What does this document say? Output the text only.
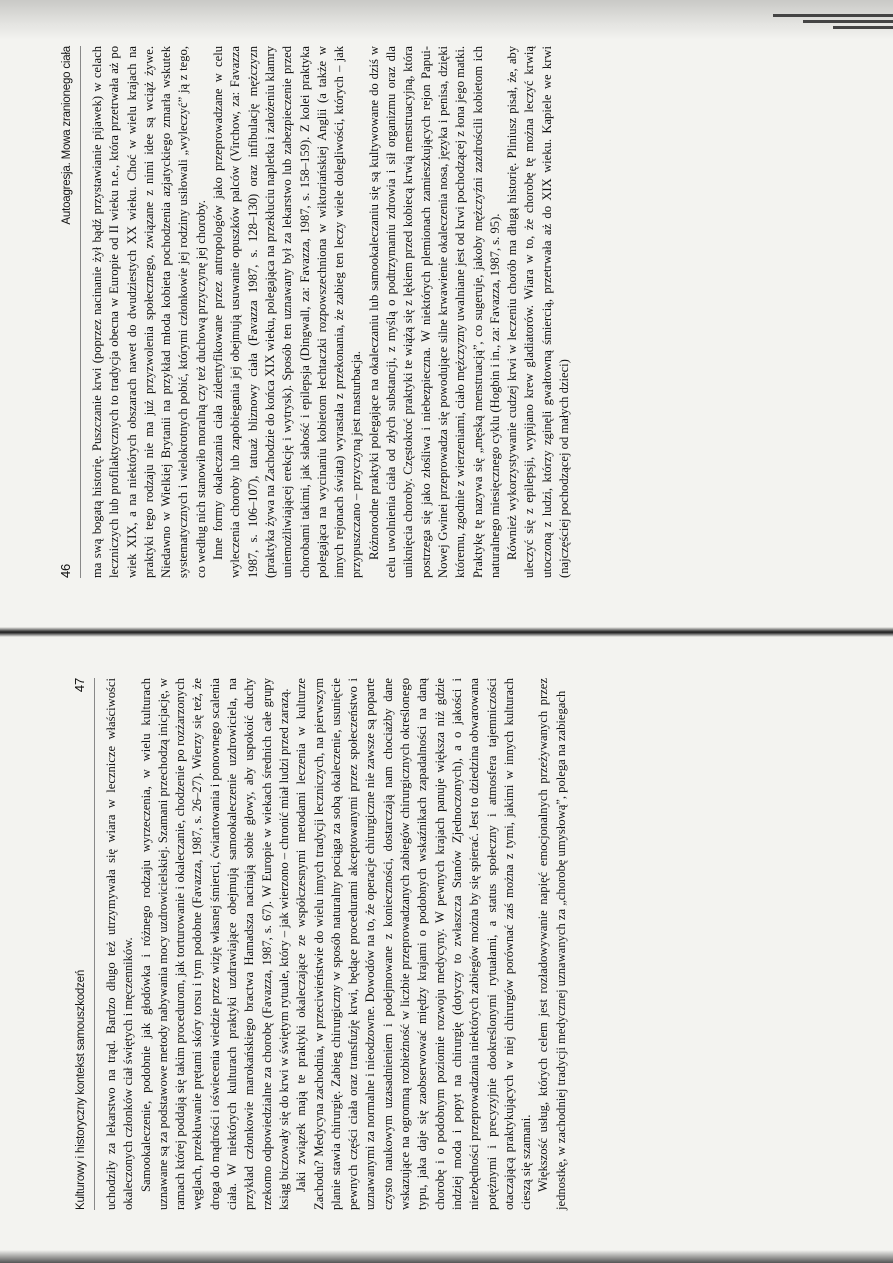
46
Autoagresja. Mowa zranionego ciała ma swą bogatą historię. Puszczanie krwi (poprzez nacinanie żył bądź przystawianie pijawek) w celach leczniczych lub profilaktycznych to tradycja obecna w Europie od II wieku n.e., która przetrwała aż po wiek XIX, a na niektórych obszarach nawet do dwudziestych XX wieku. Choć w wielu krajach na praktyki tego rodzaju nie ma już przyzwolenia społecznego, związane z nimi idee są wciąż żywe. Niedawno w Wielkiej Brytanii na przykład młoda kobieta pochodzenia azjatyckiego zmarła wskutek systematycznych i wielokrotnych pobić, którymi członkowie jej rodziny usiłowali „wyleczyć” ją z tego, co według nich stanowiło moralną czy też duchową przyczynę jej choroby. Inne formy okaleczania ciała zidentyfikowane przez antropologów jako przeprowadzane w celu wyleczenia choroby lub zapobiegania jej obejmują usuwanie opuszków palców (Virchow, za: Favazza 1987, s. 106–107), tatuaż bliznowy ciała (Favazza 1987, s. 128–130) oraz infibulację mężczyzn (praktyka żywa na Zachodzie do końca XIX wieku, polegająca na przekłuciu napletka i założeniu klamry uniemożliwiającej erekcję i wytrysk). Sposób ten uznawany był za lekarstwo lub zabezpieczenie przed chorobami takimi, jak słabość i epilepsja (Dingwall, za: Favazza, 1987, s. 158–159). Z kolei praktyka polegająca na wycinaniu kobietom łechtaczki rozpowszechniona w wiktoriańskiej Anglii (a także w innych rejonach świata) wyrastała z przekonania, że zabieg ten leczy wiele dolegliwości, których – jak przypuszczano – przyczyną jest masturbacja. Różnorodne praktyki polegające na okaleczaniu lub samookaleczaniu się są kultywowane do dziś w celu uwolnienia ciała od złych substancji, z myślą o podtrzymaniu zdrowia i sił organizmu oraz dla uniknięcia choroby. Częstokroć praktyki te wiążą się z lękiem przed kobiecą krwią menstruacyjną, która postrzega się jako złośliwa i niebezpieczna. W niektórych plemionach zamieszkujących rejon Papui-Nowej Gwinei przeprowadza się powodujące silne krwawienie okaleczenia nosa, języka i penisa, dzięki któremu, zgodnie z wierzeniami, ciało mężczyzny uwalniane jest od krwi pochodzącej z łona jego matki. Praktykę tę nazywa się „męską menstruacją”, co sugeruje, jakoby mężczyźni zazdrościli kobietom ich naturalnego miesięcznego cyklu (Hogbin i in., za: Favazza, 1987, s. 95). Również wykorzystywanie cudzej krwi w leczeniu chorób ma długą historię. Pliniusz pisał, że, aby uleczyć się z epilepsji, wypijano krew gladiatorów. Wiara w to, że chorobę tę można leczyć krwią utoczoną z ludzi, którzy zginęli gwałtowną śmiercią, przetrwała aż do XIX wieku. Kapiele we krwi (najczęściej pochodzącej od małych dzieci)

Kulturowy i historyczny kontekst samouszkodzeń
47 uchodziły za lekarstwo na trąd. Bardzo długo też utrzymywała się wiara w lecznicze właściwości okaleczonych członków ciał świętych i męczenników. Samookaleczenie, podobnie jak głodówka i różnego rodzaju wyrzeczenia, w wielu kulturach uznawane są za podstawowe metody nabywania mocy uzdrowicielskiej. Szamani przechodzą inicjację, w ramach której poddają się takim procedurom, jak torturowanie i okaleczanie, chodzenie po rozżarzonych węglach, przekłuwanie prętami skóry torsu i tym podobne (Favazza, 1987, s. 26–27). Wierzy się też, że droga do mądrości i oświecenia wiedzie przez wizję własnej śmierci, ćwiartowania i ponownego scalenia ciała. W niektórych kulturach praktyki uzdrawiające obejmują samookaleczenie uzdrowiciela, na przykład członkowie marokańskiego bractwa Hamadsza nacinają sobie głowy, aby uspokoić duchy rzekomo odpowiedzialne za chorobę (Favazza, 1987, s. 67). W Europie w wiekach średnich całe grupy ksiąg biczowały się do krwi w świętym rytuale, który – jak wierzono – chronić miał ludzi przed zarazą. Jaki związek mają te praktyki okaleczające ze współczesnymi metodami leczenia w kulturze Zachodu? Medycyna zachodnia, w przeciwieństwie do wielu innych tradycji leczniczych, na pierwszym planie stawia chirurgię. Zabieg chirurgiczny w sposób naturalny pociąga za sobą okaleczenie, usunięcie pewnych części ciała oraz transfuzję krwi, będące procedurami akceptowanymi przez społeczeństwo i uznawanymi za normalne i nieodzowne. Dowodów na to, że operacje chirurgiczne nie zawsze są poparte czysto naukowym uzasadnieniem i podejmowane z konieczności, dostarczają nam chociażby dane wskazujące na ogromną rozbieżność w liczbie przeprowadzanych zabiegów chirurgicznych określonego typu, jaka daje się zaobserwować między krajami o podobnych wskaźnikach zapadalności na daną chorobę i o podobnym poziomie rozwoju medycyny. W pewnych krajach panuje większa niż gdzie indziej moda i popyt na chirurgię (dotyczy to zwłaszcza Stanów Zjednoczonych), a o jakości i niezbędności przeprowadzania niektórych zabiegów można by się spierać. Jest to dziedzina obwarowana potężnymi i precyzyjnie dookreślonymi rytuałami, a status społeczny i atmosfera tajemniczości otaczającą praktykujących w niej chirurgów porównać zaś można z tymi, jakimi w innych kulturach cieszą się szamani. Większość usług, których celem jest rozładowywanie napięć emocjonalnych przeżywanych przez jednostkę, w zachodniej tradycji medycznej uznawanych za „chorobę umysłową”, polega na zabiegach
